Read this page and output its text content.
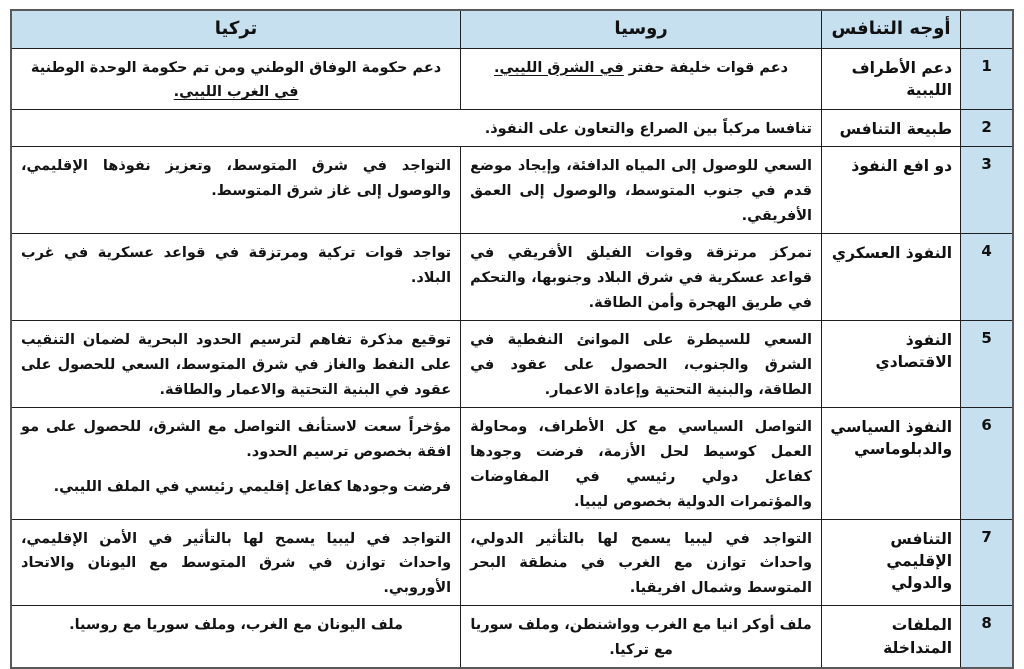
	أوجه التنافس	روسيا	تركيا
1	دعم الأطراف الليبية	دعم قوات خليفة حفتر في الشرق الليبي.	دعم حكومة الوفاق الوطني ومن تم حكومة الوحدة الوطنية في الغرب الليبي.

2	طبيعة التنافس	تنافسا مركباً بين الصراع والتعاون على النفوذ.	

3	دو افع النفوذ	السعي للوصول إلى المياه الدافئة، وإيجاد موضع قدم في جنوب المتوسط، والوصول إلى العمق الأفريقي.	التواجد في شرق المتوسط، وتعزيز نفوذها الإقليمي، والوصول إلى غاز شرق المتوسط.

4	النفوذ العسكري	تمركز مرتزقة وقوات الفيلق الأفريقي في قواعد عسكرية في شرق البلاد وجنوبها، والتحكم في طريق الهجرة وأمن الطاقة.	تواجد قوات تركية ومرتزقة في قواعد عسكرية في غرب البلاد.

5	النفوذ الاقتصادي	السعي للسيطرة على الموانئ النفطية في الشرق والجنوب، الحصول على عقود في الطاقة، والبنية التحتية وإعادة الاعمار.	توقيع مذكرة تفاهم لترسيم الحدود البحرية لضمان التنقيب على النفط والغاز في شرق المتوسط، السعي للحصول على عقود في البنية التحتية والاعمار والطاقة.

6	النفوذ السياسي والدبلوماسي	التواصل السياسي مع كل الأطراف، ومحاولة العمل كوسيط لحل الأزمة، فرضت وجودها كفاعل دولي رئيسي في المفاوضات والمؤتمرات الدولية بخصوص ليبيا.	مؤخراً سعت لاستأنف التواصل مع الشرق، للحصول على مو افقة بخصوص ترسيم الحدود.
فرضت وجودها كفاعل إقليمي رئيسي في الملف الليبي.

7	التنافس الإقليمي والدولي	التواجد في ليبيا يسمح لها بالتأثير الدولي، واحداث توازن مع الغرب في منطقة البحر المتوسط وشمال افريقيا.	التواجد في ليبيا يسمح لها بالتأثير في الأمن الإقليمي، واحداث توازن في شرق المتوسط مع اليونان والاتحاد الأوروبي.

8	الملفات المتداخلة	ملف أوكر انيا مع الغرب وواشنطن، وملف سوريا مع تركيا.	ملف اليونان مع الغرب، وملف سوريا مع روسيا.
